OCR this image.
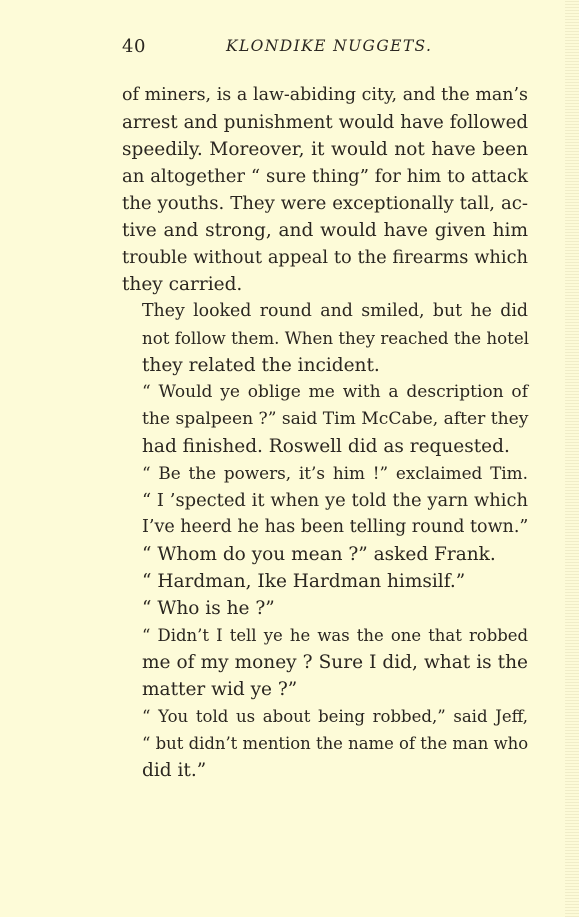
40	KLONDIKE NUGGETS.

of miners, is a law-abiding city, and the man’s
arrest and punishment would have followed
speedily. Moreover, it would not have been
an altogether “ sure thing” for him to attack
the youths. They were exceptionally tall, ac-
tive and strong, and would have given him
trouble without appeal to the firearms which
they carried.

They looked round and smiled, but he did
not follow them. When they reached the hotel
they related the incident.

“ Would ye oblige me with a description of
the spalpeen ?” said Tim McCabe, after they
had finished. Roswell did as requested.

“ Be the powers, it’s him !” exclaimed Tim.
“ I ’spected it when ye told the yarn which
I’ve heerd he has been telling round town.”

“ Whom do you mean ?” asked Frank.

“ Hardman, Ike Hardman himsilf.”

“ Who is he ?”

“ Didn’t I tell ye he was the one that robbed
me of my money ? Sure I did, what is the
matter wid ye ?”

“ You told us about being robbed,” said Jeff,
“ but didn’t mention the name of the man who
did it.”
